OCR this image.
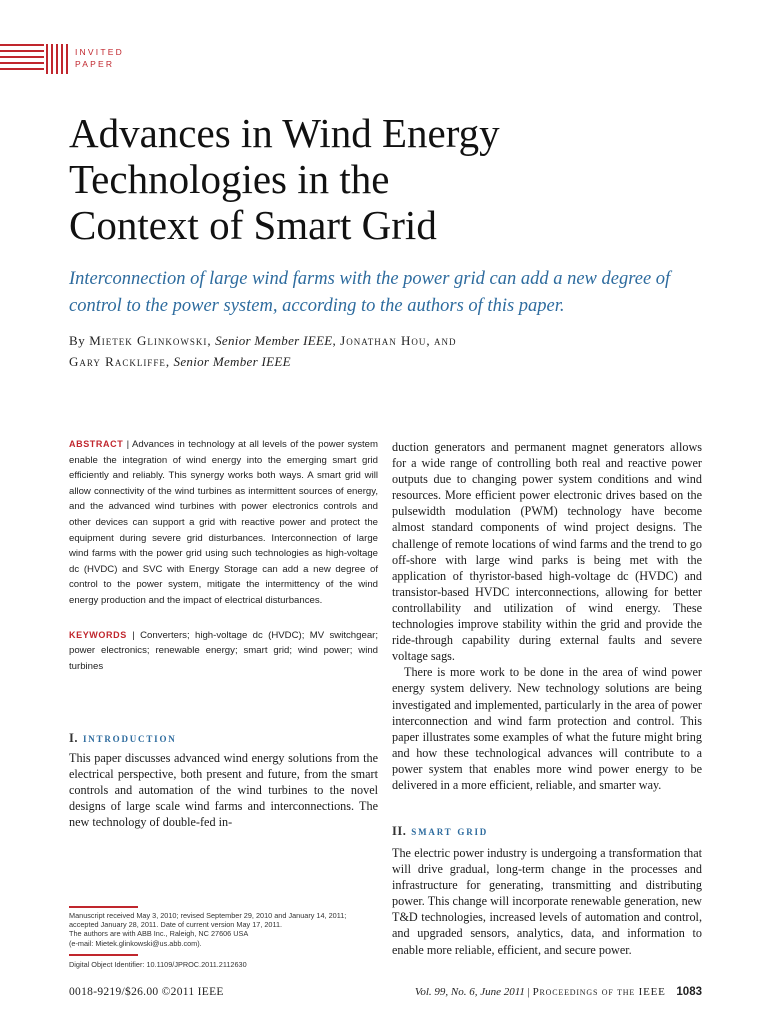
INVITED
PAPER
Advances in Wind Energy
Technologies in the
Context of Smart Grid

Interconnection of large wind farms with the power grid can add a new degree of control to the power system, according to the authors of this paper.

By Mietek Glinkowski, Senior Member IEEE, Jonathan Hou, and
Gary Rackliffe, Senior Member IEEE

ABSTRACT | Advances in technology at all levels of the power system enable the integration of wind energy into the emerging smart grid efficiently and reliably. This synergy works both ways. A smart grid will allow connectivity of the wind turbines as intermittent sources of energy, and the advanced wind turbines with power electronics controls and other devices can support a grid with reactive power and protect the equipment during severe grid disturbances. Interconnection of large wind farms with the power grid using such technologies as high-voltage dc (HVDC) and SVC with Energy Storage can add a new degree of control to the power system, mitigate the intermittency of the wind energy production and the impact of electrical disturbances.

KEYWORDS | Converters; high-voltage dc (HVDC); MV switchgear; power electronics; renewable energy; smart grid; wind power; wind turbines

I. introduction

This paper discusses advanced wind energy solutions from the electrical perspective, both present and future, from the smart controls and automation of the wind turbines to the novel designs of large scale wind farms and interconnections. The new technology of double-fed in-

Manuscript received May 3, 2010; revised September 29, 2010 and January 14, 2011;
accepted January 28, 2011. Date of current version May 17, 2011.
The authors are with ABB Inc., Raleigh, NC 27606 USA
(e-mail: Mietek.glinkowski@us.abb.com).
Digital Object Identifier: 10.1109/JPROC.2011.2112630

duction generators and permanent magnet generators allows for a wide range of controlling both real and reactive power outputs due to changing power system conditions and wind resources. More efficient power electronic drives based on the pulsewidth modulation (PWM) technology have become almost standard components of wind project designs. The challenge of remote locations of wind farms and the trend to go off-shore with large wind parks is being met with the application of thyristor-based high-voltage dc (HVDC) and transistor-based HVDC interconnections, allowing for better controllability and utilization of wind energy. These technologies improve stability within the grid and provide the ride-through capability during external faults and severe voltage sags.

There is more work to be done in the area of wind power energy system delivery. New technology solutions are being investigated and implemented, particularly in the area of power interconnection and wind farm protection and control. This paper illustrates some examples of what the future might bring and how these technological advances will contribute to a power system that enables more wind power energy to be delivered in a more efficient, reliable, and smarter way.

II. smart grid

The electric power industry is undergoing a transformation that will drive gradual, long-term change in the processes and infrastructure for generating, transmitting and distributing power. This change will incorporate renewable generation, new T&D technologies, increased levels of automation and control, and upgraded sensors, analytics, data, and information to enable more reliable, efficient, and secure power.

0018-9219/$26.00 ©2011 IEEE	Vol. 99, No. 6, June 2011 | Proceedings of the IEEE 1083
